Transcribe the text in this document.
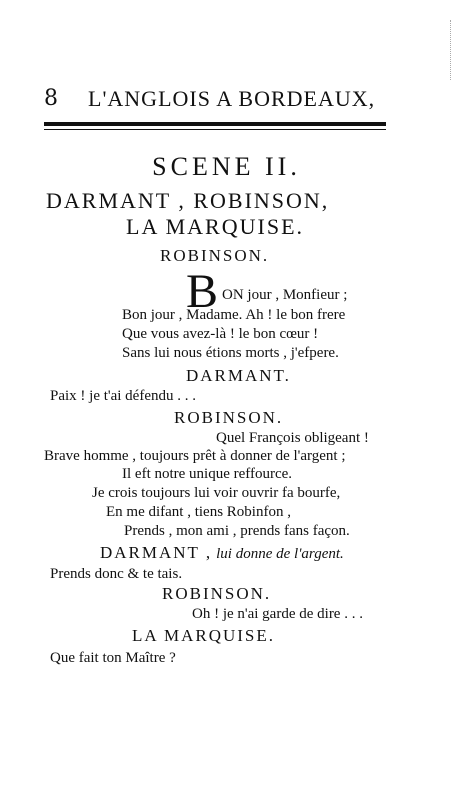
8 L'ANGLOIS A BORDEAUX,
SCENE II.
DARMANT , ROBINSON,
LA MARQUISE.
ROBINSON.
B ON jour , Monfieur ;
Bon jour , Madame. Ah ! le bon frere
Que vous avez-là ! le bon cœur !
Sans lui nous étions morts , j'efpere.
DARMANT.
Paix ! je t'ai défendu . . .
ROBINSON.
Quel François obligeant !
Brave homme , toujours prêt à donner de l'argent ;
Il eft notre unique reffource.
Je crois toujours lui voir ouvrir fa bourfe,
En me difant , tiens Robinfon ,
Prends , mon ami , prends fans façon.
DARMANT , lui donne de l'argent.
Prends donc & te tais.
ROBINSON.
Oh ! je n'ai garde de dire . . .
LA MARQUISE.
Que fait ton Maître ?
